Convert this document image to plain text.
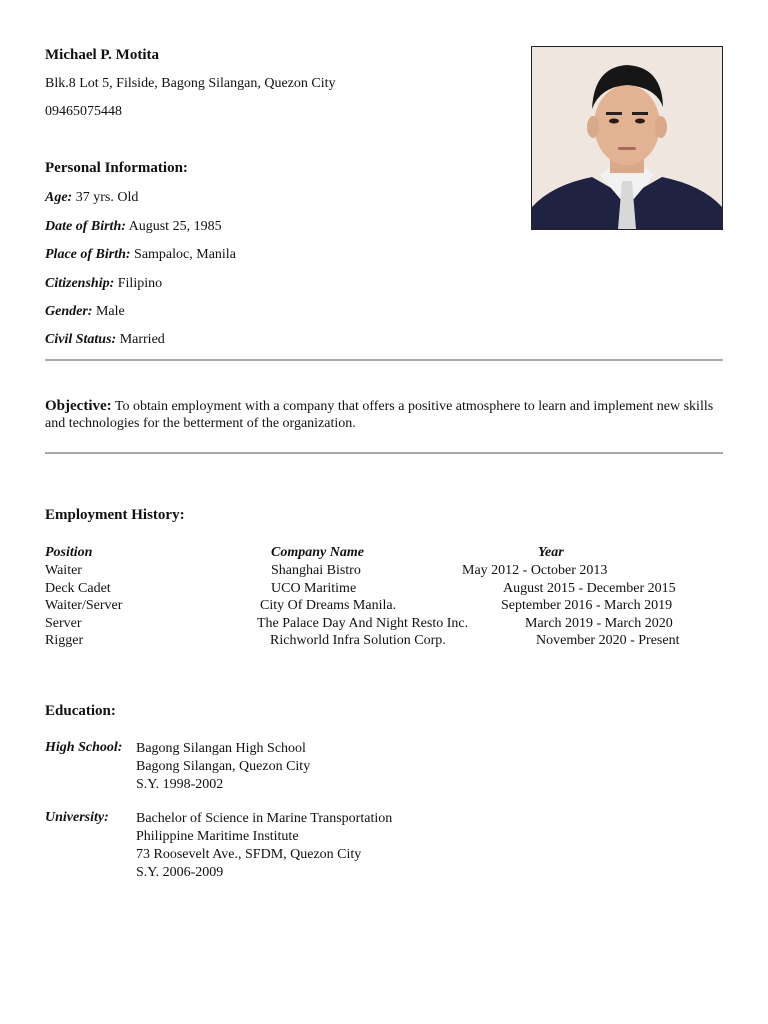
Michael P. Motita
Blk.8 Lot 5, Filside, Bagong Silangan, Quezon City
09465075448
Personal Information:
Age: 37 yrs. Old
Date of Birth: August 25, 1985
Place of Birth: Sampaloc, Manila
Citizenship: Filipino
Gender: Male
Civil Status: Married
Objective: To obtain employment with a company that offers a positive atmosphere to learn and implement new skills and technologies for the betterment of the organization.
Employment History:
Position	Company Name	Year
Waiter	Shanghai Bistro	May 2012 - October 2013
Deck Cadet	UCO Maritime	August 2015 - December 2015
Waiter/Server	City Of Dreams Manila.	September 2016 - March 2019
Server	The Palace Day And Night Resto Inc.	March 2019 - March 2020
Rigger	Richworld Infra Solution Corp.	November 2020 - Present
Education:
High School: Bagong Silangan High School
Bagong Silangan, Quezon City
S.Y. 1998-2002
University: Bachelor of Science in Marine Transportation
Philippine Maritime Institute
73 Roosevelt Ave., SFDM, Quezon City
S.Y. 2006-2009
